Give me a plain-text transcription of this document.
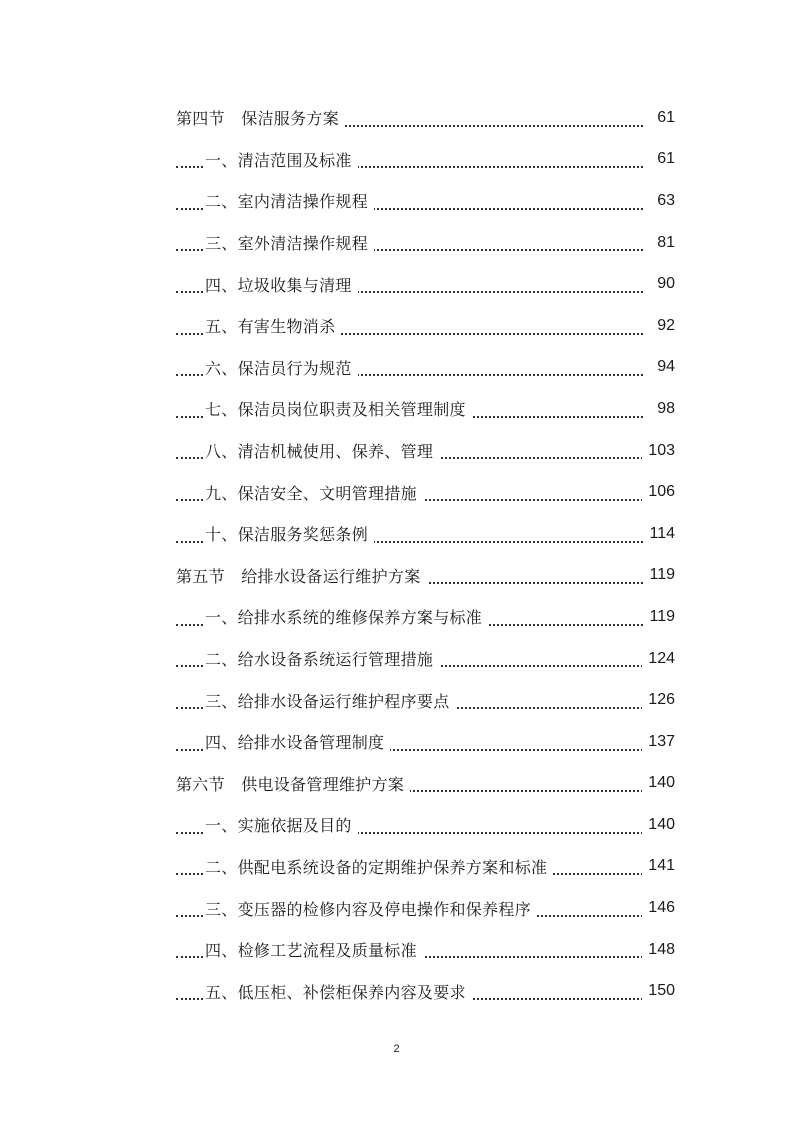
第四节　保洁服务方案	61
一、清洁范围及标准	61
二、室内清洁操作规程	63
三、室外清洁操作规程	81
四、垃圾收集与清理	90
五、有害生物消杀	92
六、保洁员行为规范	94
七、保洁员岗位职责及相关管理制度	98
八、清洁机械使用、保养、管理	103
九、保洁安全、文明管理措施	106
十、保洁服务奖惩条例	114
第五节　给排水设备运行维护方案	119
一、给排水系统的维修保养方案与标准	119
二、给水设备系统运行管理措施	124
三、给排水设备运行维护程序要点	126
四、给排水设备管理制度	137
第六节　供电设备管理维护方案	140
一、实施依据及目的	140
二、供配电系统设备的定期维护保养方案和标准	141
三、变压器的检修内容及停电操作和保养程序	146
四、检修工艺流程及质量标准	148
五、低压柜、补偿柜保养内容及要求	150
2
